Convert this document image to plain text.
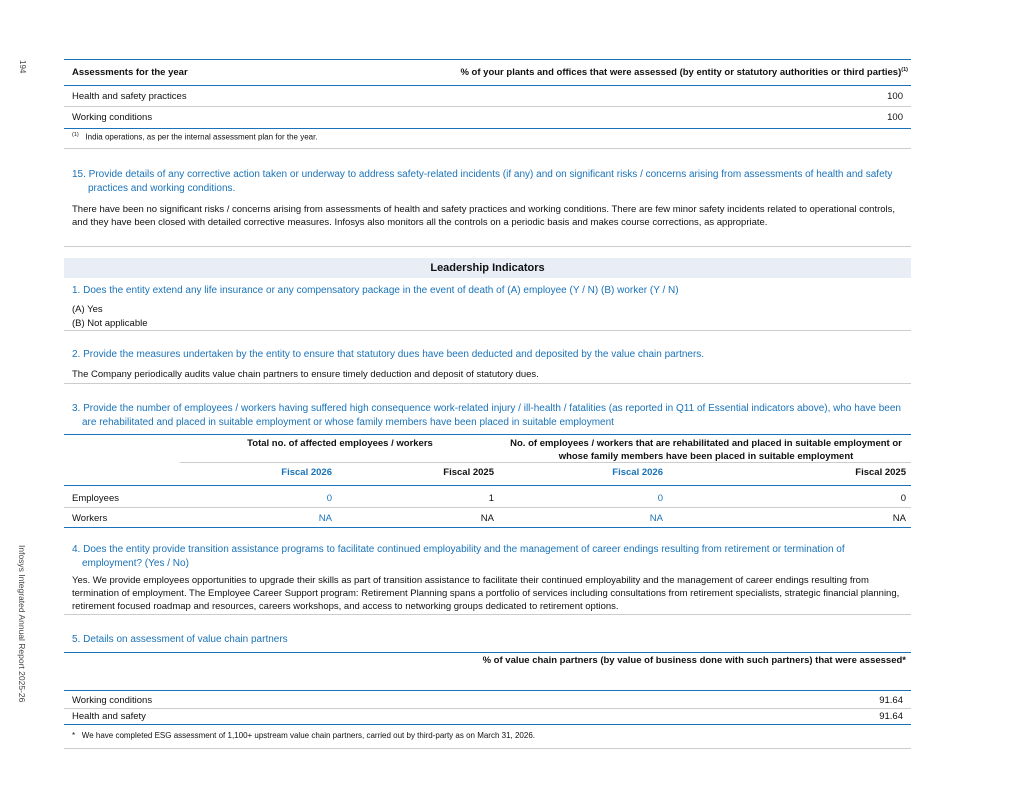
194
Infosys Integrated Annual Report 2025-26
Assessments for the year	% of your plants and offices that were assessed (by entity or statutory authorities or third parties)$^{(1)}$
Health and safety practices	100
Working conditions	100
$^{(1)}$ India operations, as per the internal assessment plan for the year.
15. Provide details of any corrective action taken or underway to address safety-related incidents (if any) and on significant risks / concerns arising from assessments of health and safety practices and working conditions.
There have been no significant risks / concerns arising from assessments of health and safety practices and working conditions. There are few minor safety incidents related to operational controls, and they have been closed with detailed corrective measures. Infosys also monitors all the controls on a periodic basis and makes course corrections, as appropriate.
Leadership Indicators
1. Does the entity extend any life insurance or any compensatory package in the event of death of (A) employee (Y / N) (B) worker (Y / N)
(A) Yes
(B) Not applicable
2. Provide the measures undertaken by the entity to ensure that statutory dues have been deducted and deposited by the value chain partners.
The Company periodically audits value chain partners to ensure timely deduction and deposit of statutory dues.
3. Provide the number of employees / workers having suffered high consequence work-related injury / ill-health / fatalities (as reported in Q11 of Essential indicators above), who have been are rehabilitated and placed in suitable employment or whose family members have been placed in suitable employment
Total no. of affected employees / workers	No. of employees / workers that are rehabilitated and placed in suitable employment or whose family members have been placed in suitable employment
Fiscal 2026	Fiscal 2025	Fiscal 2026	Fiscal 2025
Employees	0	1	0	0
Workers	NA	NA	NA	NA
4. Does the entity provide transition assistance programs to facilitate continued employability and the management of career endings resulting from retirement or termination of employment? (Yes / No)
Yes. We provide employees opportunities to upgrade their skills as part of transition assistance to facilitate their continued employability and the management of career endings resulting from termination of employment. The Employee Career Support program: Retirement Planning spans a portfolio of services including consultations from retirement specialists, strategic financial planning, retirement focused roadmap and resources, careers workshops, and access to networking groups dedicated to retirement options.
5. Details on assessment of value chain partners
% of value chain partners (by value of business done with such partners) that were assessed*
Working conditions	91.64
Health and safety	91.64
* We have completed ESG assessment of 1,100+ upstream value chain partners, carried out by third-party as on March 31, 2026.
